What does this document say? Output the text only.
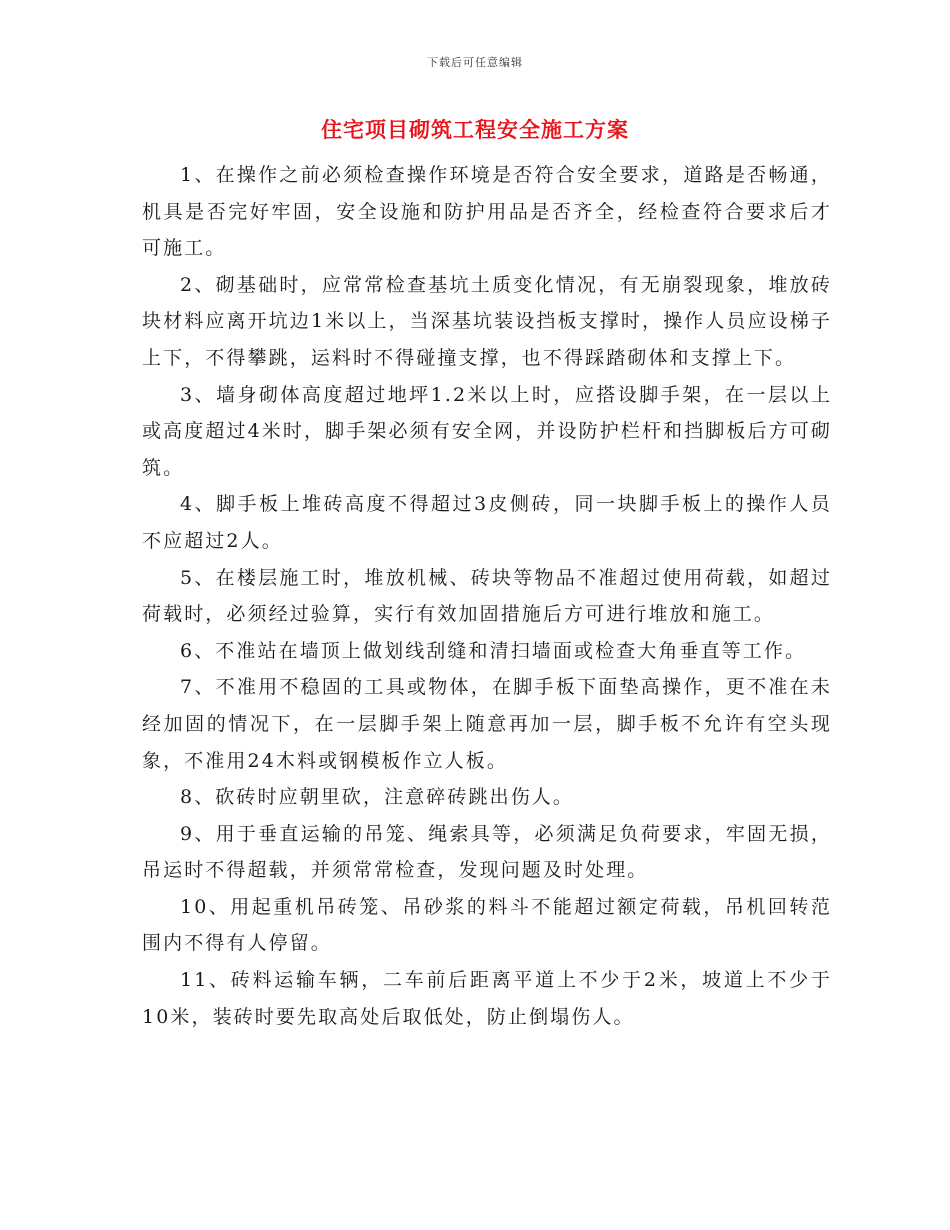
下载后可任意编辑
住宅项目砌筑工程安全施工方案

1、在操作之前必须检查操作环境是否符合安全要求，道路是否畅通，机具是否完好牢固，安全设施和防护用品是否齐全，经检查符合要求后才可施工。

2、砌基础时，应常常检查基坑土质变化情况，有无崩裂现象，堆放砖块材料应离开坑边1米以上，当深基坑装设挡板支撑时，操作人员应设梯子上下，不得攀跳，运料时不得碰撞支撑，也不得踩踏砌体和支撑上下。

3、墙身砌体高度超过地坪1.2米以上时，应搭设脚手架，在一层以上或高度超过4米时，脚手架必须有安全网，并设防护栏杆和挡脚板后方可砌筑。

4、脚手板上堆砖高度不得超过3皮侧砖，同一块脚手板上的操作人员不应超过2人。

5、在楼层施工时，堆放机械、砖块等物品不准超过使用荷载，如超过荷载时，必须经过验算，实行有效加固措施后方可进行堆放和施工。

6、不准站在墙顶上做划线刮缝和清扫墙面或检查大角垂直等工作。

7、不准用不稳固的工具或物体，在脚手板下面垫高操作，更不准在未经加固的情况下，在一层脚手架上随意再加一层，脚手板不允许有空头现象，不准用24木料或钢模板作立人板。

8、砍砖时应朝里砍，注意碎砖跳出伤人。

9、用于垂直运输的吊笼、绳索具等，必须满足负荷要求，牢固无损，吊运时不得超载，并须常常检查，发现问题及时处理。

10、用起重机吊砖笼、吊砂浆的料斗不能超过额定荷载，吊机回转范围内不得有人停留。

11、砖料运输车辆，二车前后距离平道上不少于2米，坡道上不少于10米，装砖时要先取高处后取低处，防止倒塌伤人。
